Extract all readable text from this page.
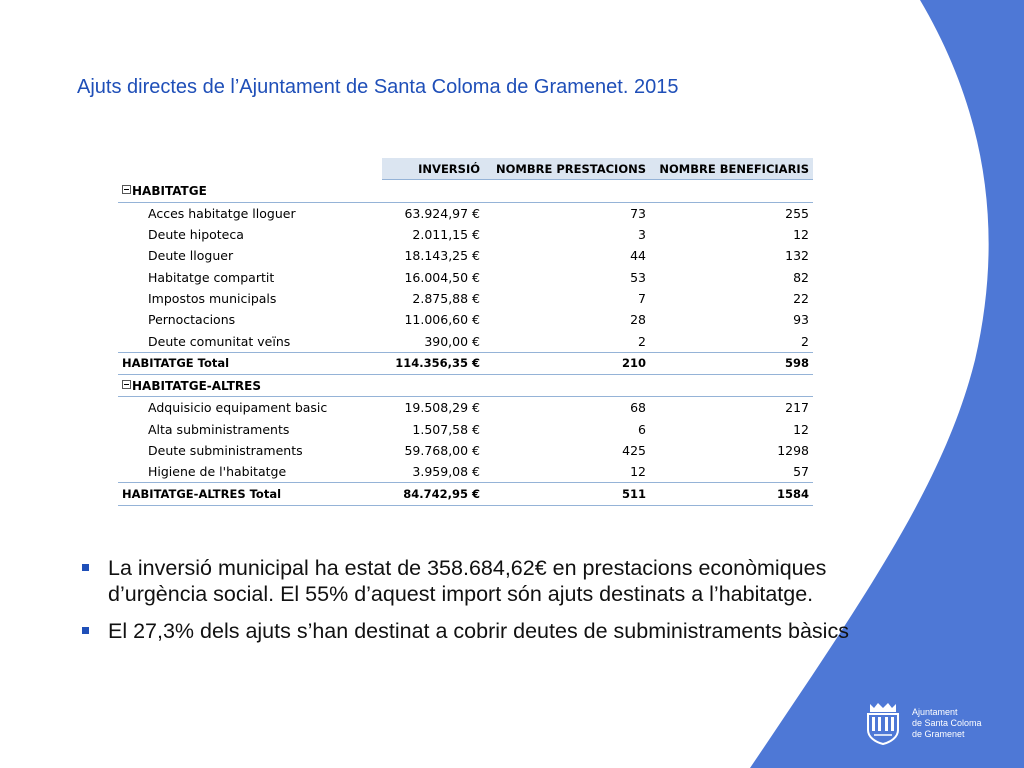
Ajuts directes de l’Ajuntament de Santa Coloma de Gramenet. 2015
	INVERSIÓ	NOMBRE PRESTACIONS	NOMBRE BENEFICIARIS
HABITATGE			
Acces habitatge lloguer	63.924,97 €	73	255
Deute hipoteca	2.011,15 €	3	12
Deute lloguer	18.143,25 €	44	132
Habitatge compartit	16.004,50 €	53	82
Impostos municipals	2.875,88 €	7	22
Pernoctacions	11.006,60 €	28	93
Deute comunitat veïns	390,00 €	2	2
HABITATGE Total	114.356,35 €	210	598
HABITATGE-ALTRES			
Adquisicio equipament basic	19.508,29 €	68	217
Alta subministraments	1.507,58 €	6	12
Deute subministraments	59.768,00 €	425	1298
Higiene de l'habitatge	3.959,08 €	12	57
HABITATGE-ALTRES Total	84.742,95 €	511	1584
La inversió municipal ha estat de 358.684,62€ en prestacions econòmiques d’urgència social. El 55% d’aquest import són ajuts destinats a l’habitatge.
El 27,3% dels ajuts s’han destinat a cobrir deutes de subministraments bàsics
Ajuntament
de Santa Coloma
de Gramenet
